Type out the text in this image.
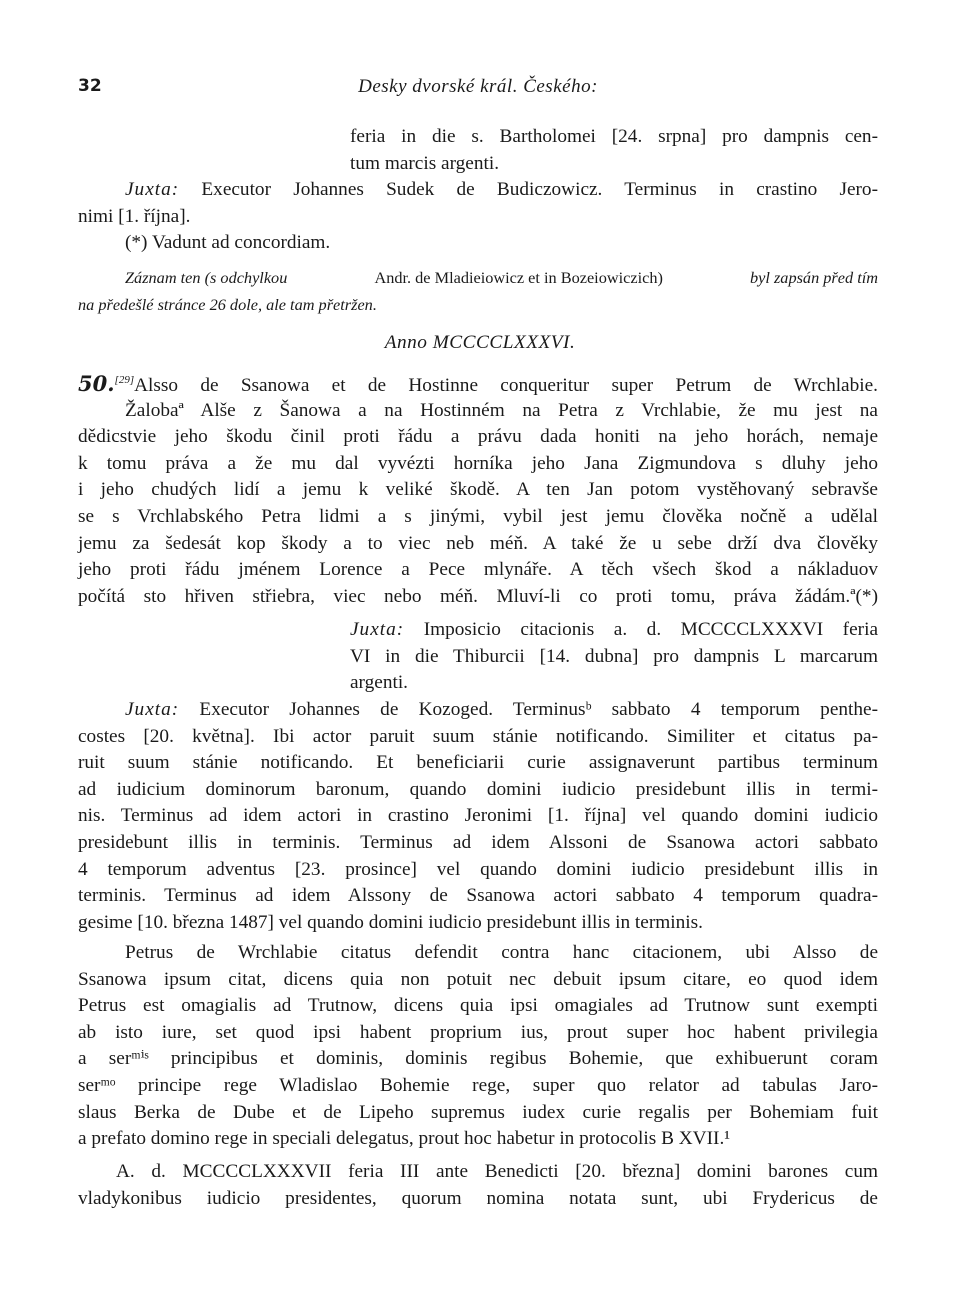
32	Desky dvorské král. Českého:
feria in die s. Bartholomei [24. srpna] pro dampnis cen-
tum marcis argenti.
Juxta: Executor Johannes Sudek de Budiczowicz. Terminus in crastino Jero-
nimi [1. října].
(*) Vadunt ad concordiam.
Záznam ten (s odchylkou	Andr. de Mladieiowicz et in Bozeiowiczich)	byl zapsán před tím
na předešlé stránce 26 dole, ale tam přetržen.
Anno MCCCCLXXXVI.
50.[29]Alsso de Ssanowa et de Hostinne conqueritur super Petrum de Wrchlabie.
Žalobaª Alše z Šanowa a na Hostinném na Petra z Vrchlabie, že mu jest na
dědicstvie jeho škodu činil proti řádu a právu dada honiti na jeho horách, nemaje
k tomu práva a že mu dal vyvézti horníka jeho Jana Zigmundova s dluhy jeho
i jeho chudých lidí a jemu k veliké škodě. A ten Jan potom vystěhovaný sebravše
se s Vrchlabského Petra lidmi a s jinými, vybil jest jemu člověka nočně a udělal
jemu za šedesát kop škody a to viec neb méň. A také že u sebe drží dva člověky
jeho proti řádu jménem Lorence a Pece mlynáře. A těch všech škod a nákladuov
počítá sto hřiven střiebra, viec nebo méň. Mluví-li co proti tomu, práva žádám.ª(*)
Juxta: Imposicio citacionis a. d. MCCCCLXXXVI feria
VI in die Thiburcii [14. dubna] pro dampnis L marcarum
argenti.
Juxta: Executor Johannes de Kozoged. Terminusᵇ sabbato 4 temporum penthe-
costes [20. května]. Ibi actor paruit suum stánie notificando. Similiter et citatus pa-
ruit suum stánie notificando. Et beneficiarii curie assignaverunt partibus terminum
ad iudicium dominorum baronum, quando domini iudicio presidebunt illis in termi-
nis. Terminus ad idem actori in crastino Jeronimi [1. října] vel quando domini iudicio
presidebunt illis in terminis. Terminus ad idem Alssoni de Ssanowa actori sabbato
4 temporum adventus [23. prosince] vel quando domini iudicio presidebunt illis in
terminis. Terminus ad idem Alssony de Ssanowa actori sabbato 4 temporum quadra-
gesime [10. března 1487] vel quando domini iudicio presidebunt illis in terminis.
Petrus de Wrchlabie citatus defendit contra hanc citacionem, ubi Alsso de
Ssanowa ipsum citat, dicens quia non potuit nec debuit ipsum citare, eo quod idem
Petrus est omagialis ad Trutnow, dicens quia ipsi omagiales ad Trutnow sunt exempti
ab isto iure, set quod ipsi habent proprium ius, prout super hoc habent privilegia
a serᵐⁱˢ principibus et dominis, dominis regibus Bohemie, que exhibuerunt coram
serᵐᵒ principe rege Wladislao Bohemie rege, super quo relator ad tabulas Jaro-
slaus Berka de Dube et de Lipeho supremus iudex curie regalis per Bohemiam fuit
a prefato domino rege in speciali delegatus, prout hoc habetur in protocolis B XVII.¹
A. d. MCCCCLXXXVII feria III ante Benedicti [20. března] domini barones cum
vladykonibus iudicio presidentes, quorum nomina notata sunt, ubi Frydericus de
